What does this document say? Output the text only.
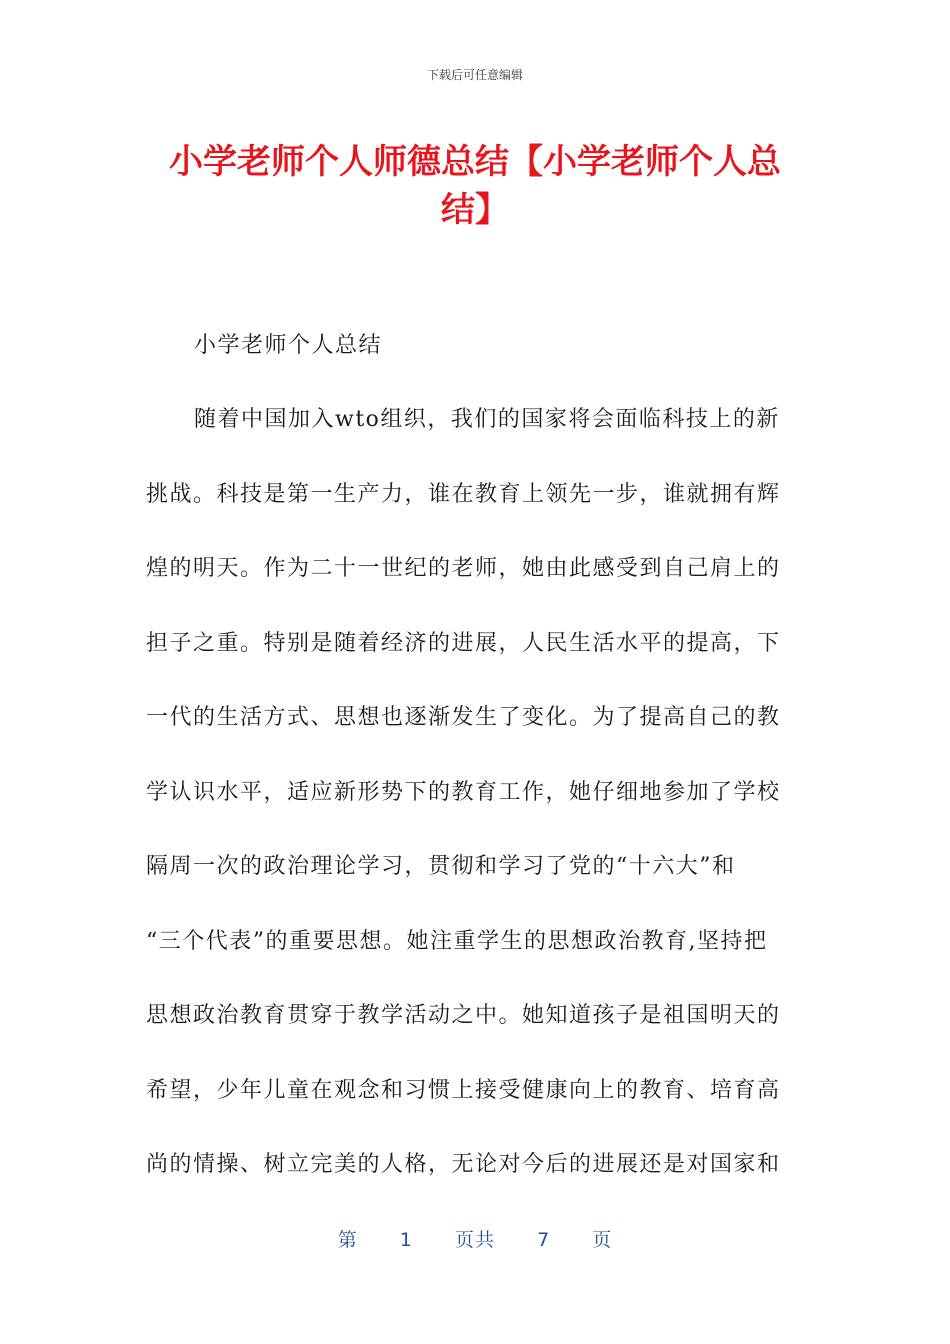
下载后可任意编辑
小学老师个人师德总结【小学老师个人总
结】

小学老师个人总结

随着中国加入wto组织，我们的国家将会面临科技上的新
挑战。科技是第一生产力，谁在教育上领先一步，谁就拥有辉
煌的明天。作为二十一世纪的老师，她由此感受到自己肩上的
担子之重。特别是随着经济的进展，人民生活水平的提高，下
一代的生活方式、思想也逐渐发生了变化。为了提高自己的教
学认识水平，适应新形势下的教育工作，她仔细地参加了学校
隔周一次的政治理论学习，贯彻和学习了党的“十六大”和
“三个代表”的重要思想。她注重学生的思想政治教育,坚持把
思想政治教育贯穿于教学活动之中。她知道孩子是祖国明天的
希望，少年儿童在观念和习惯上接受健康向上的教育、培育高
尚的情操、树立完美的人格，无论对今后的进展还是对国家和
第 1 页共 7 页
